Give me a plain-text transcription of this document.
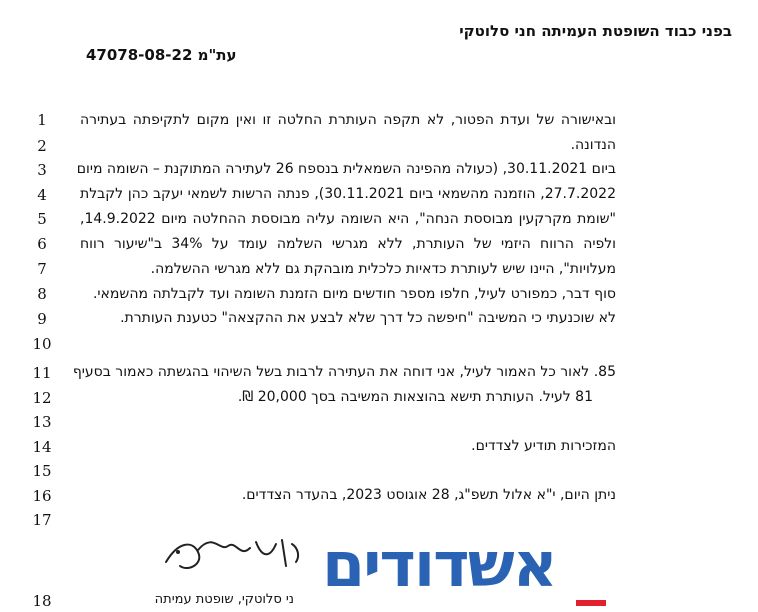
בפני כבוד השופטת העמיתה חני סלוטקי
עת"מ 47078-08-22
1
2
3
4
5
6
7
8
9
10
11
12
13
14
15
16
17
18
ובאישורה של ועדת הפטור, לא תקפה העותרת החלטה זו ואין מקום לתקיפתה בעתירה
הנדונה.
ביום 30.11.2021, (כעולה מהפינה השמאלית בנספח 26 לעתירה המתוקנת – השומה מיום
27.7.2022, הוזמנה מהשמאי ביום 30.11.2021), פנתה הרשות לשמאי יעקב כהן לקבלת
"שומת מקרקעין מבוססת הנחה", היא השומה עליה מבוססת ההחלטה מיום 14.9.2022,
ולפיה הרווח היזמי של העותרת, ללא מגרשי השלמה עומד על 34% ב"שיעור רווח
מעלויות", היינו שיש לעותרת כדאיות כלכלית מובהקת גם ללא מגרשי ההשלמה.
סוף דבר, כמפורט לעיל, חלפו מספר חודשים מיום הזמנת השומה ועד לקבלתה מהשמאי.
לא שוכנעתי כי המשיבה "חיפשה כל דרך שלא לבצע את ההקצאה" כטענת העותרת.
85. לאור כל האמור לעיל, אני דוחה את העתירה לרבות בשל השיהוי בהגשתה כאמור בסעיף
81 לעיל. העותרת תישא בהוצאות המשיבה בסך 20,000 ₪.
המזכירות תודיע לצדדים.
ניתן היום, י"א אלול תשפ"ג, 28 אוגוסט 2023, בהעדר הצדדים.
ני סלוטקי, שופטת עמיתה אשדודים
